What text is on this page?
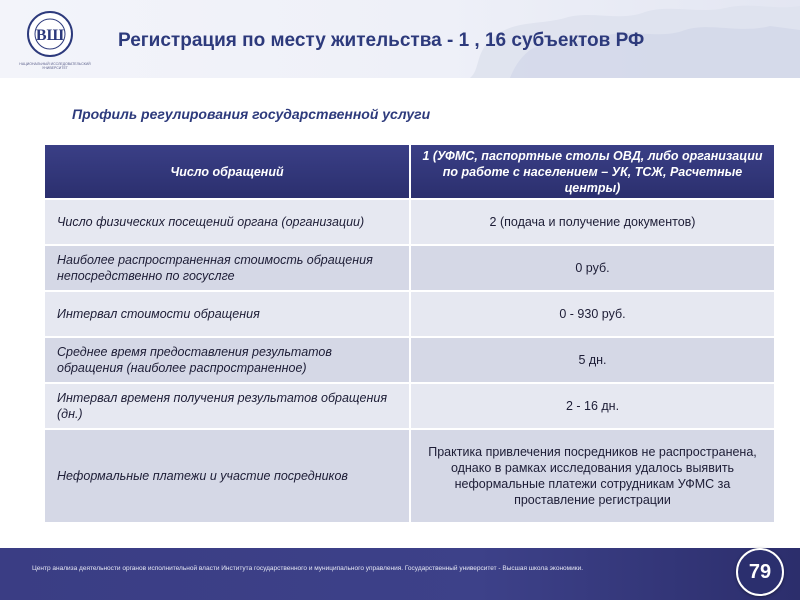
ВШ
НАЦИОНАЛЬНЫЙ ИССЛЕДОВАТЕЛЬСКИЙ УНИВЕРСИТЕТ
Регистрация по месту жительства - 1 , 16 субъектов РФ
Профиль регулирования государственной услуги
Число обращений	1 (УФМС, паспортные столы ОВД, либо организации по работе с населением – УК, ТСЖ, Расчетные центры)
Число физических посещений органа (организации)	2 (подача и получение документов)
Наиболее распространенная стоимость обращения непосредственно по госуслге	0 руб.
Интервал стоимости обращения	0 - 930 руб.
Среднее время предоставления результатов обращения (наиболее распространенное)	5 дн.
Интервал временя получения результатов обращения (дн.)	2 - 16 дн.
Неформальные платежи и участие посредников	Практика привлечения посредников не распространена, однако в рамках исследования удалось выявить неформальные платежи сотрудникам УФМС за проставление регистрации
Центр анализа деятельности органов исполнительной власти Института государственного и муниципального управления. Государственный университет - Высшая школа экономики.	79
